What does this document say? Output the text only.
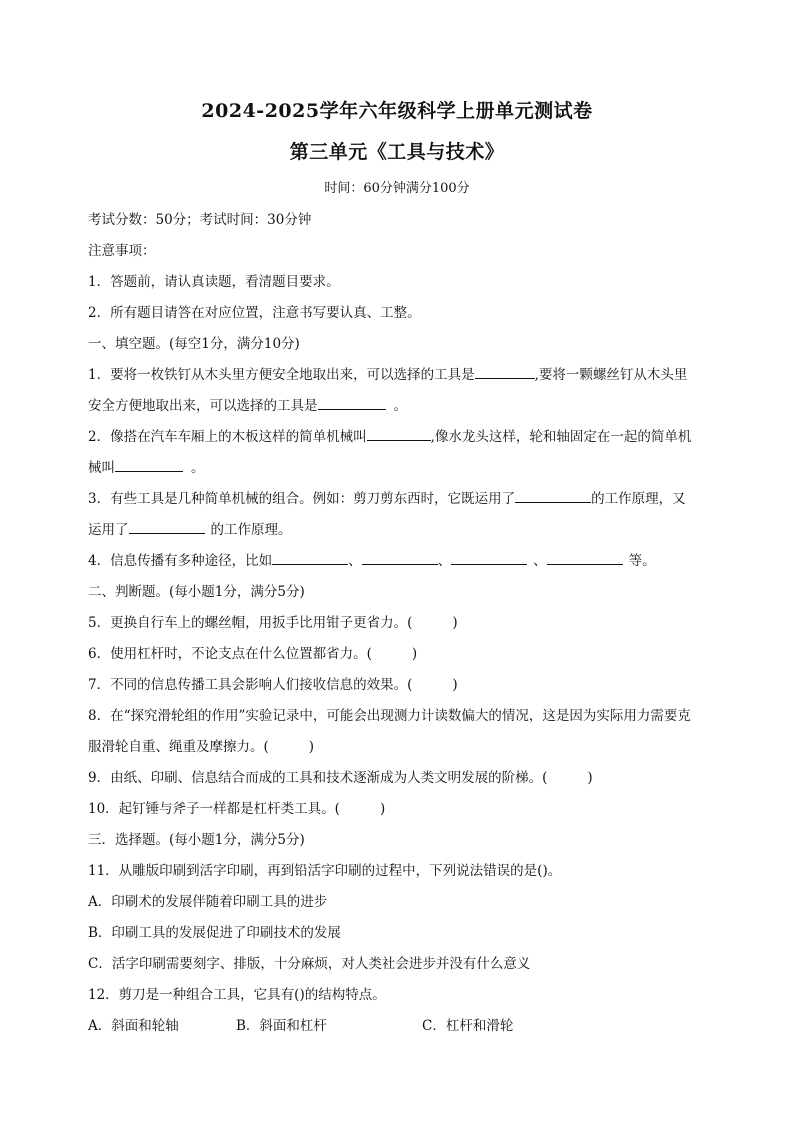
2024-2025学年六年级科学上册单元测试卷
第三单元《工具与技术》
时间：60分钟满分100分
考试分数：50分；考试时间：30分钟
注意事项：
1．答题前，请认真读题，看清题目要求。
2．所有题目请答在对应位置，注意书写要认真、工整。
一、填空题。(每空1分，满分10分)
1．要将一枚铁钉从木头里方便安全地取出来，可以选择的工具是	,要将一颗螺丝钉从木头里
安全方便地取出来，可以选择的工具是	。
2．像搭在汽车车厢上的木板这样的简单机械叫	,像水龙头这样，轮和轴固定在一起的简单机
械叫	。
3．有些工具是几种简单机械的组合。例如：剪刀剪东西时，它既运用了	的工作原理，又
运用了	的工作原理。
4．信息传播有多种途径，比如	、	、	、	等。
二、判断题。(每小题1分，满分5分)
5．更换自行车上的螺丝帽，用扳手比用钳子更省力。(	)
6．使用杠杆时，不论支点在什么位置都省力。(	)
7．不同的信息传播工具会影响人们接收信息的效果。(	)
8．在“探究滑轮组的作用”实验记录中，可能会出现测力计读数偏大的情况，这是因为实际用力需要克
服滑轮自重、绳重及摩擦力。(	)
9．由纸、印刷、信息结合而成的工具和技术逐渐成为人类文明发展的阶梯。(	)
10．起钉锤与斧子一样都是杠杆类工具。(	)
三．选择题。(每小题1分，满分5分)
11．从雕版印刷到活字印刷，再到铅活字印刷的过程中，下列说法错误的是()。
A．印刷术的发展伴随着印刷工具的进步
B．印刷工具的发展促进了印刷技术的发展
C．活字印刷需要刻字、排版，十分麻烦，对人类社会进步并没有什么意义
12．剪刀是一种组合工具，它具有()的结构特点。
A．斜面和轮轴	B．斜面和杠杆	C．杠杆和滑轮
